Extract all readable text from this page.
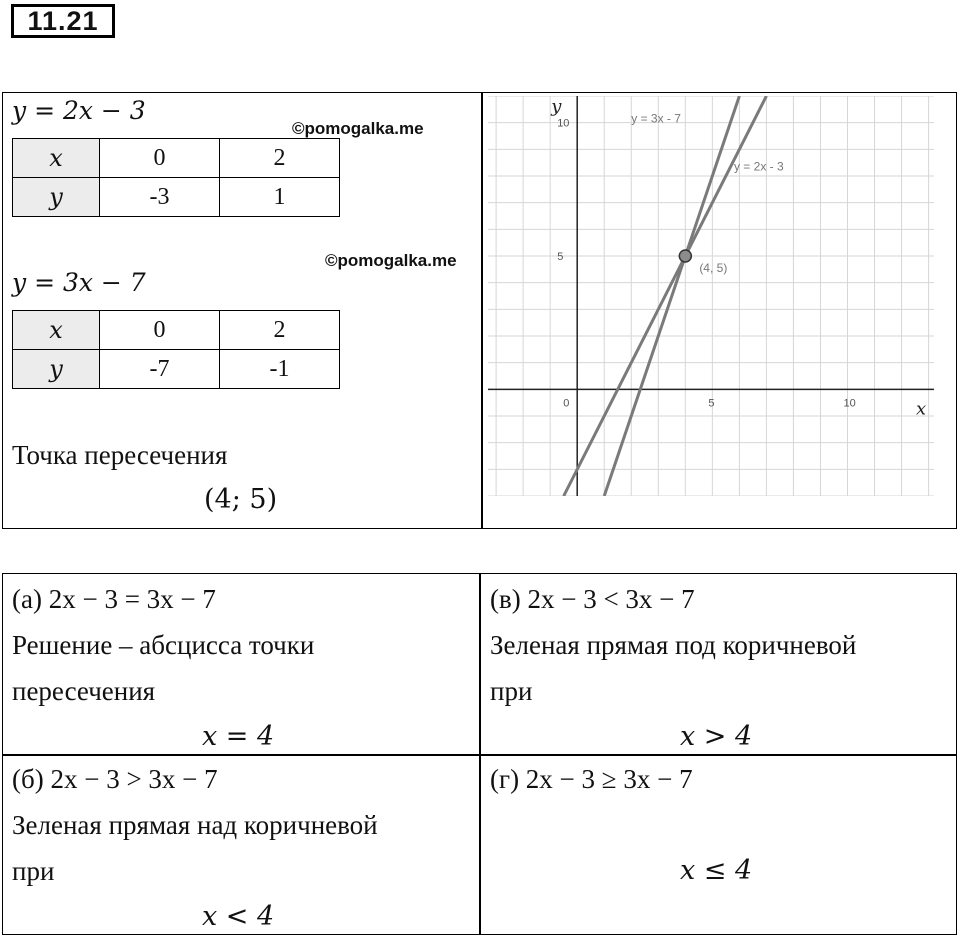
11.21
y = 2x − 3
©pomogalka.me
x	0	2
y	-3	1
©pomogalka.me
y = 3x − 7
x	0	2
y	-7	-1
Точка пересечения
(4; 5)
0	5	10
5
10
x
y
y = 3x - 7
y = 2x - 3
(4, 5)
(а) 2x − 3 = 3x − 7
Решение – абсцисса точки
пересечения
x = 4
(в) 2x − 3 < 3x − 7
Зеленая прямая под коричневой
при
x > 4
(б) 2x − 3 > 3x − 7
Зеленая прямая над коричневой
при
x < 4
(г) 2x − 3 ≥ 3x − 7
x ≤ 4
